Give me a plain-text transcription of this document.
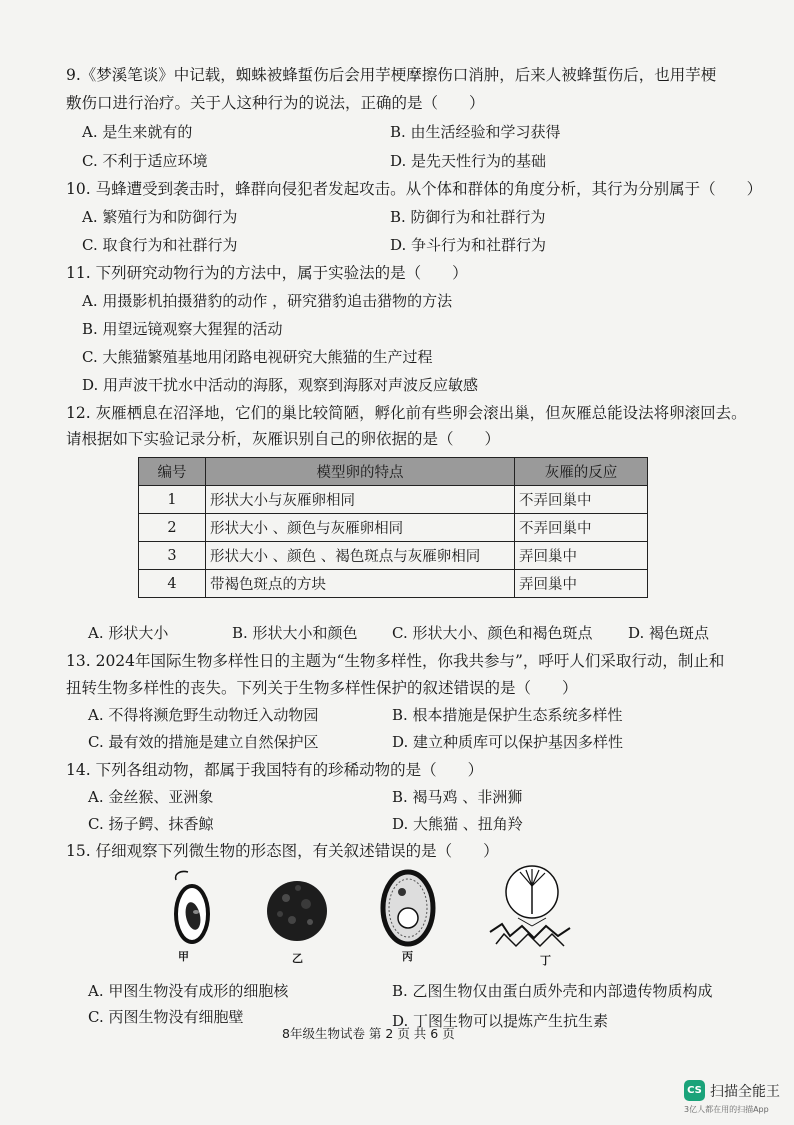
9.《梦溪笔谈》中记载，蜘蛛被蜂蜇伤后会用芋梗摩擦伤口消肿，后来人被蜂蜇伤后，也用芋梗
敷伤口进行治疗。关于人这种行为的说法，正确的是（　　）
A. 是生来就有的	B. 由生活经验和学习获得
C. 不利于适应环境	D. 是先天性行为的基础
10. 马蜂遭受到袭击时，蜂群向侵犯者发起攻击。从个体和群体的角度分析，其行为分别属于（　　）
A. 繁殖行为和防御行为	B. 防御行为和社群行为
C. 取食行为和社群行为	D. 争斗行为和社群行为
11. 下列研究动物行为的方法中，属于实验法的是（　　）
A. 用摄影机拍摄猎豹的动作 ，研究猎豹追击猎物的方法
B. 用望远镜观察大猩猩的活动
C. 大熊猫繁殖基地用闭路电视研究大熊猫的生产过程
D. 用声波干扰水中活动的海豚，观察到海豚对声波反应敏感
12. 灰雁栖息在沼泽地，它们的巢比较简陋，孵化前有些卵会滚出巢，但灰雁总能设法将卵滚回去。
请根据如下实验记录分析，灰雁识别自己的卵依据的是（　　）
编号	模型卵的特点	灰雁的反应
1	形状大小与灰雁卵相同	不弄回巢中
2	形状大小 、颜色与灰雁卵相同	不弄回巢中
3	形状大小 、颜色 、褐色斑点与灰雁卵相同	弄回巢中
4	带褐色斑点的方块	弄回巢中
A. 形状大小	B. 形状大小和颜色 C. 形状大小、颜色和褐色斑点 D. 褐色斑点
13. 2024年国际生物多样性日的主题为“生物多样性，你我共参与”，呼吁人们采取行动，制止和
扭转生物多样性的丧失。下列关于生物多样性保护的叙述错误的是（　　）
A. 不得将濒危野生动物迁入动物园	B. 根本措施是保护生态系统多样性
C. 最有效的措施是建立自然保护区	D. 建立种质库可以保护基因多样性
14. 下列各组动物，都属于我国特有的珍稀动物的是（　　）
A. 金丝猴、亚洲象	B. 褐马鸡 、非洲狮
C. 扬子鳄、抹香鲸	D. 大熊猫 、扭角羚
15. 仔细观察下列微生物的形态图，有关叙述错误的是（　　）
甲	乙	丙	丁
A. 甲图生物没有成形的细胞核	B. 乙图生物仅由蛋白质外壳和内部遗传物质构成
C. 丙图生物没有细胞壁	D. 丁图生物可以提炼产生抗生素
8年级生物试卷 第 2 页 共 6 页
CS 扫描全能王
3亿人都在用的扫描App
